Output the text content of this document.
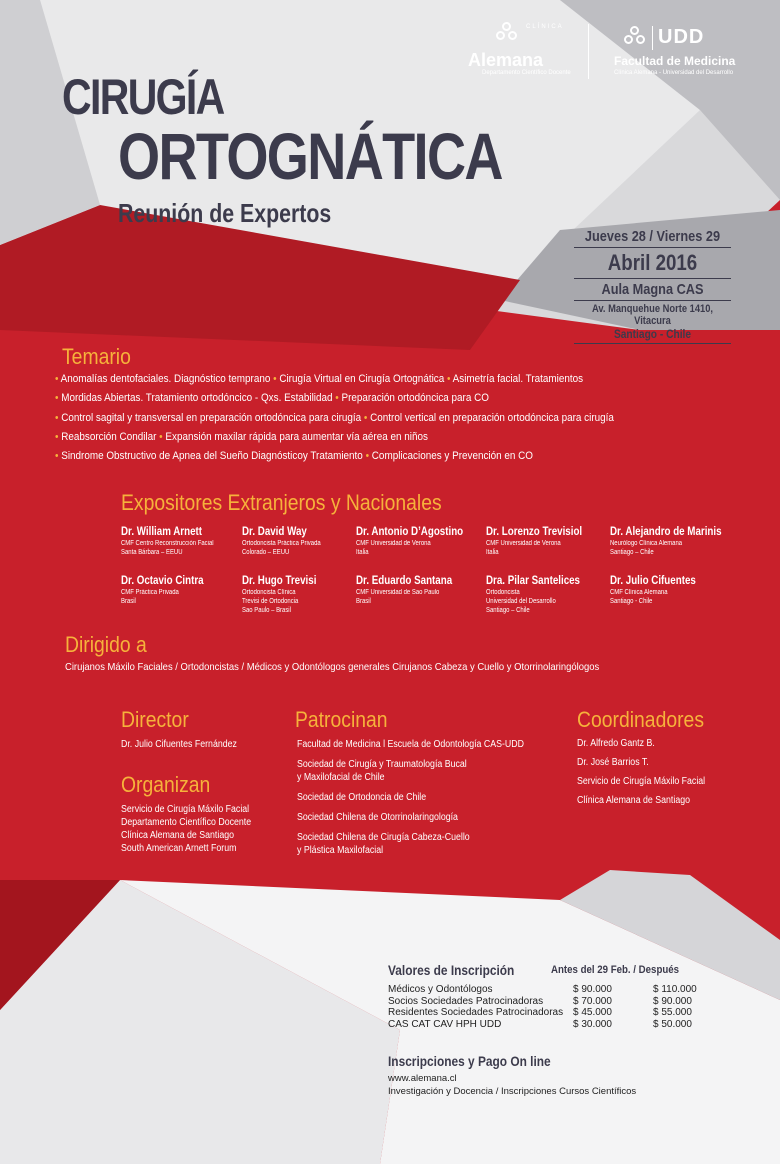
CLÍNICA
Alemana
Departamento Científico Docente
UDD
Facultad de Medicina
Clínica Alemana - Universidad del Desarrollo
CIRUGÍA
ORTOGNÁTICA
Reunión de Expertos
Jueves 28 / Viernes 29
Abril 2016
Aula Magna CAS
Av. Manquehue Norte 1410, Vitacura
Santiago - Chile
Temario
• Anomalías dentofaciales. Diagnóstico temprano • Cirugía Virtual en Cirugía Ortognática • Asimetría facial. Tratamientos
• Mordidas Abiertas. Tratamiento ortodóncico - Qxs. Estabilidad • Preparación ortodóncica para CO
• Control sagital y transversal en preparación ortodóncica para cirugía • Control vertical en preparación ortodóncica para cirugía
• Reabsorción Condilar • Expansión maxilar rápida para aumentar vía aérea en niños
• Sindrome Obstructivo de Apnea del Sueño Diagnósticoy Tratamiento • Complicaciones y Prevención en CO
Expositores Extranjeros y Nacionales
Dr. William Arnett
CMF Centro Reconstrucción Facial
Santa Bárbara – EEUU
Dr. David Way
Ortodoncista Práctica Privada
Colorado – EEUU
Dr. Antonio D’Agostino
CMF Universidad de Verona
Italia
Dr. Lorenzo Trevisiol
CMF Universidad de Verona
Italia
Dr. Alejandro de Marinis
Neurólogo Clínica Alemana
Santiago – Chile
Dr. Octavio Cintra
CMF Práctica Privada
Brasil
Dr. Hugo Trevisi
Ortodoncista Clínica
Trevisi de Ortodoncia
Sao Paulo – Brasil
Dr. Eduardo Santana
CMF Universidad de Sao Paulo
Brasil
Dra. Pilar Santelices
Ortodoncista
Universidad del Desarrollo
Santiago – Chile
Dr. Julio Cifuentes
CMF Clínica Alemana
Santiago - Chile
Dirigido a
Cirujanos Máxilo Faciales / Ortodoncistas / Médicos y Odontólogos generales Cirujanos Cabeza y Cuello y Otorrinolaringólogos
Director
Dr. Julio Cifuentes Fernández
Organizan
Servicio de Cirugía Máxilo Facial
Departamento Científico Docente
Clínica Alemana de Santiago
South American Arnett Forum
Patrocinan
Facultad de Medicina l Escuela de Odontología CAS-UDD
Sociedad de Cirugía y Traumatología Bucal
y Maxilofacial de Chile
Sociedad de Ortodoncia de Chile
Sociedad Chilena de Otorrinolaringología
Sociedad Chilena de Cirugía Cabeza-Cuello
y Plástica Maxilofacial
Coordinadores
Dr. Alfredo Gantz B.
Dr. José Barrios T.
Servicio de Cirugía Máxilo Facial
Clínica Alemana de Santiago
Valores de Inscripción	Antes del 29 Feb. / Después
Médicos y Odontólogos	$ 90.000	$ 110.000
Socios Sociedades Patrocinadoras	$ 70.000	$ 90.000
Residentes Sociedades Patrocinadoras $ 45.000	$ 55.000
CAS CAT CAV HPH UDD	$ 30.000	$ 50.000
Inscripciones y Pago On line
www.alemana.cl
Investigación y Docencia / Inscripciones Cursos Científicos
